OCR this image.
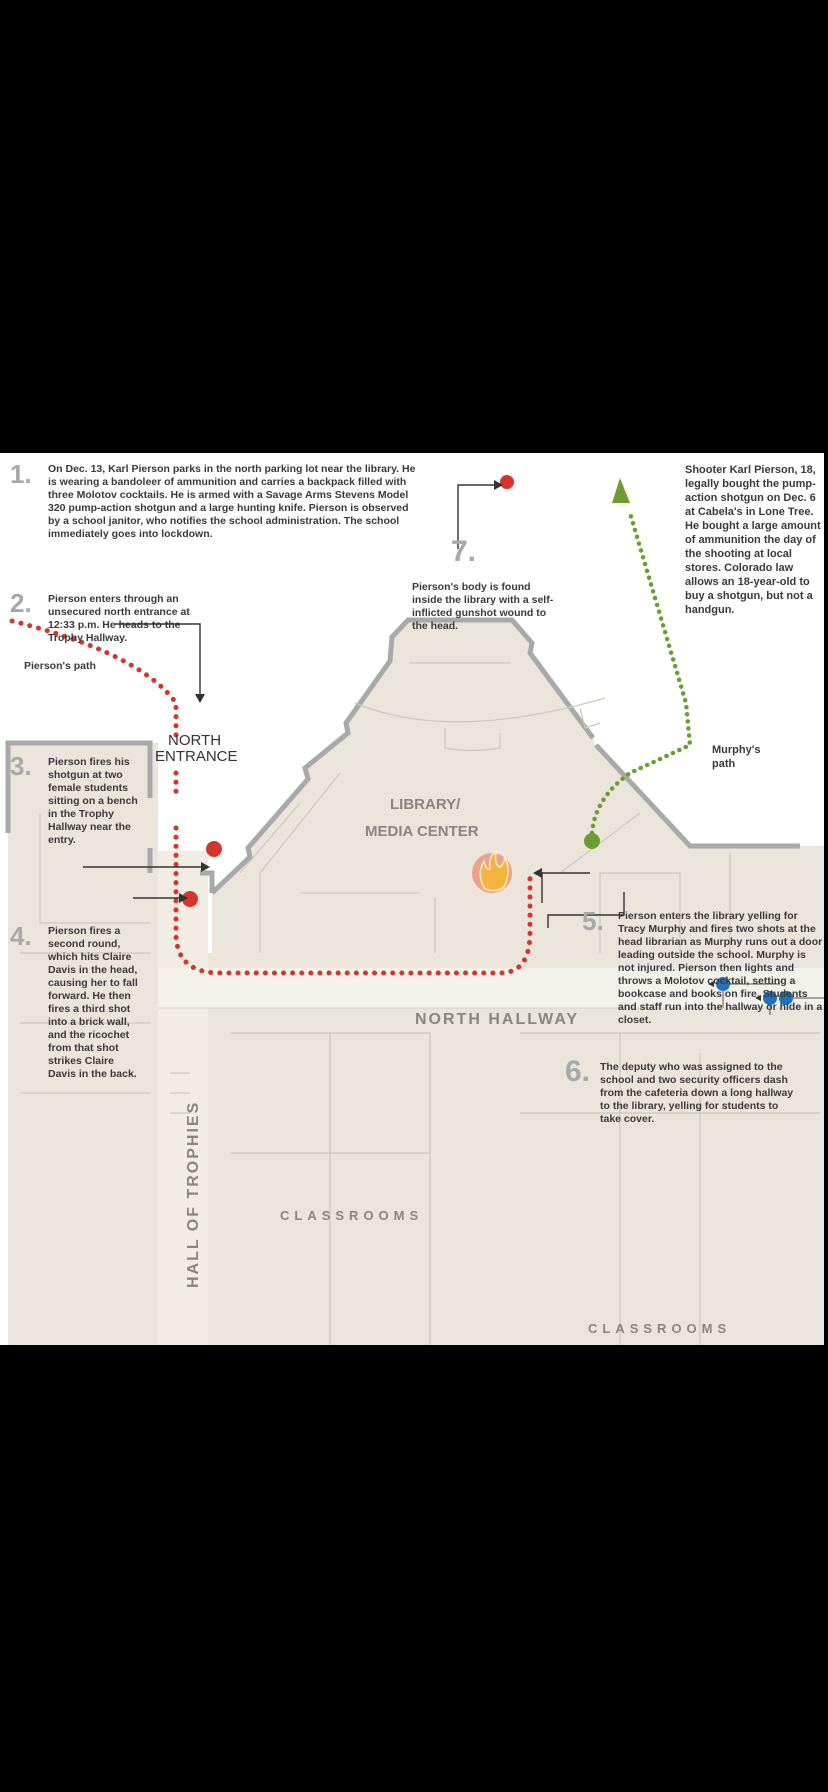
1. On Dec. 13, Karl Pierson parks in the north parking lot near the library. He is wearing a bandoleer of ammunition and carries a backpack filled with three Molotov cocktails. He is armed with a Savage Arms Stevens Model 320 pump-action shotgun and a large hunting knife. Pierson is observed by a school janitor, who notifies the school administration. The school immediately goes into lockdown.
2. Pierson enters through an unsecured north entrance at 12:33 p.m. He heads to the Trophy Hallway.
Pierson's path
NORTH
ENTRANCE
3. Pierson fires his shotgun at two female students sitting on a bench in the Trophy Hallway near the entry.
4. Pierson fires a second round, which hits Claire Davis in the head, causing her to fall forward. He then fires a third shot into a brick wall, and the ricochet from that shot strikes Claire Davis in the back.
HALL OF TROPHIES
LIBRARY/
MEDIA CENTER
7.
Pierson's body is found inside the library with a self-inflicted gunshot wound to the head.
Shooter Karl Pierson, 18, legally bought the pump-action shotgun on Dec. 6 at Cabela's in Lone Tree. He bought a large amount of ammunition the day of the shooting at local stores. Colorado law allows an 18-year-old to buy a shotgun, but not a handgun.
Murphy's
path
5. Pierson enters the library yelling for Tracy Murphy and fires two shots at the head librarian as Murphy runs out a door leading outside the school. Murphy is not injured. Pierson then lights and throws a Molotov cocktail, setting a bookcase and books on fire. Students and staff run into the hallway or hide in a closet.
NORTH HALLWAY
6. The deputy who was assigned to the school and two security officers dash from the cafeteria down a long hallway to the library, yelling for students to take cover.
CLASSROOMS
CLASSROOMS
